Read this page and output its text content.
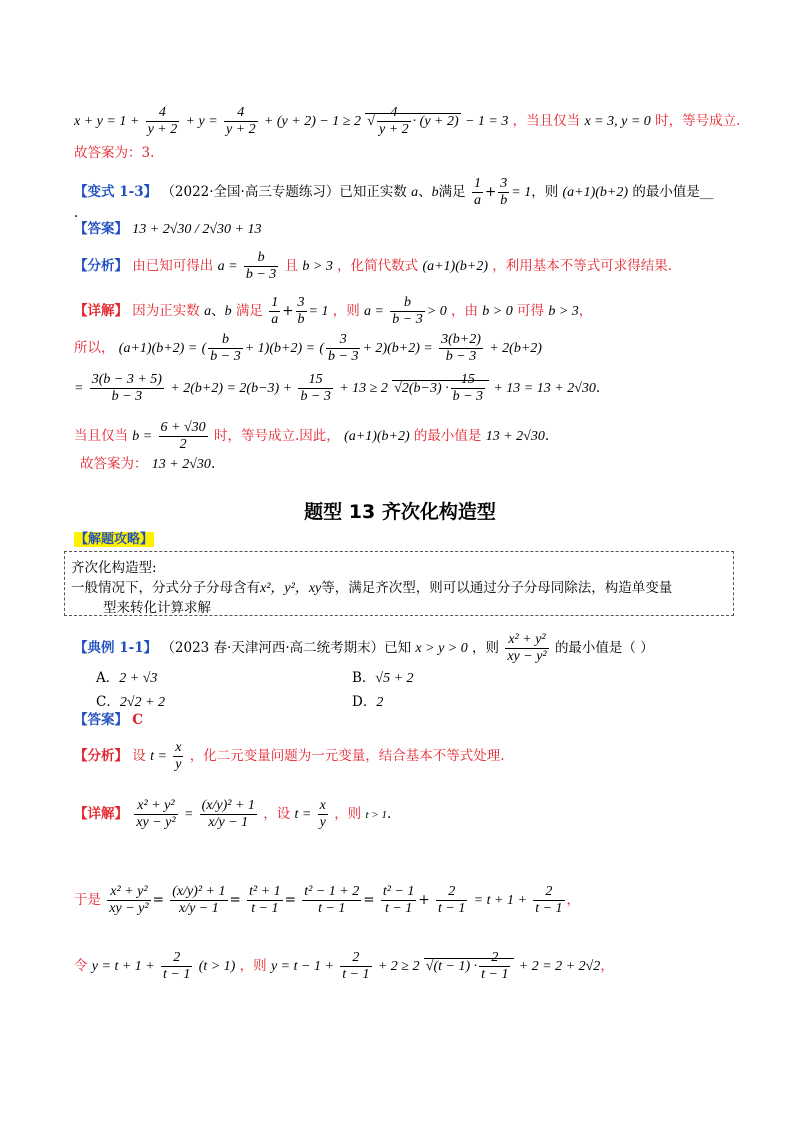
$x + y = 1 + \frac{4}{y + 2} + y = \frac{4}{y + 2} + (y + 2) - 1 \ge 2$ √ $\frac{4}{y + 2} \cdot (y + 2) - 1 = 3$ ，当且仅当 x = 3, y = 0 时，等号成立.
故答案为：3.
【变式 1-3】 （2022·全国·高三专题练习）已知正实数 a、b满足 $\frac{1}{a} + \frac{3}{b} = 1$，则 (a+1)(b+2) 的最小值是__
.
【答案】 13 + 2√30 / 2√30 + 13
【分析】 由已知可得出 $a = \frac{b}{b - 3}$ 且 b > 3 ，化简代数式 (a+1)(b+2) ，利用基本不等式可求得结果.
【详解】 因为正实数 a、b 满足 $\frac{1}{a} + \frac{3}{b} = 1$ ，则 $a = \frac{b}{b - 3} > 0$ ，由 b > 0 可得 b > 3，
所以， (a+1)(b+2) = ( $\frac{b}{b - 3} + 1)(b+2)$ = ( $\frac{3}{b - 3} + 2)(b+2) = \frac{3(b+2)}{b - 3} + 2(b+2)$
= $\frac{3(b - 3 + 5)}{b - 3} + 2(b+2) = 2(b-3) + \frac{15}{b - 3} + 13 \ge 2$ $√2(b-3) \cdot \frac{15}{b - 3} + 13 = 13 + 2√30$.
当且仅当 $b = \frac{6 + √30}{2}$ 时，等号成立.因此， (a+1)(b+2) 的最小值是 13 + 2√30.
故答案为： 13 + 2√30.
题型 13 齐次化构造型
【解题攻略】
齐次化构造型:
一般情况下，分式分子分母含有x²，y²，xy等，满足齐次型，则可以通过分子分母同除法，构造单变量
型来转化计算求解
【典例 1-1】 （2023 春·天津河西·高二统考期末）已知 x > y > 0 ，则 $\frac{\text{x² + y²}}{\text{xy − y²}}$ 的最小值是（ ）
A．2 + √3	B．√5 + 2
C．2√2 + 2	D．2
【答案】 C
【分析】 设 $t = \frac{x}{y}$ ，化二元变量问题为一元变量，结合基本不等式处理.
【详解】 $\frac{\text{x² + y²}}{\text{xy − y²}} = \frac{\text{(x/y)² + 1}}{x/y - 1}$ ，设 $t = \frac{x}{y}$ ，则 t > 1.
于是 $\frac{\text{x² + y²}}{\text{xy − y²}} = \frac{\text{(x/y)² + 1}}{x/y - 1} = \frac{\text{t² + 1}}{t - 1} = \frac{\text{t² − 1 + 2}}{t - 1} = \frac{\text{t² − 1}}{t - 1} + \frac{2}{t - 1} = t + 1 + \frac{2}{t - 1}$ ，
令 $y = t + 1 + \frac{2}{t - 1} (t > 1)$ ，则 $y = t - 1 + \frac{2}{t - 1} + 2 \ge 2$ $√(t - 1) \cdot \frac{2}{t - 1} + 2 = 2 + 2√2$，
